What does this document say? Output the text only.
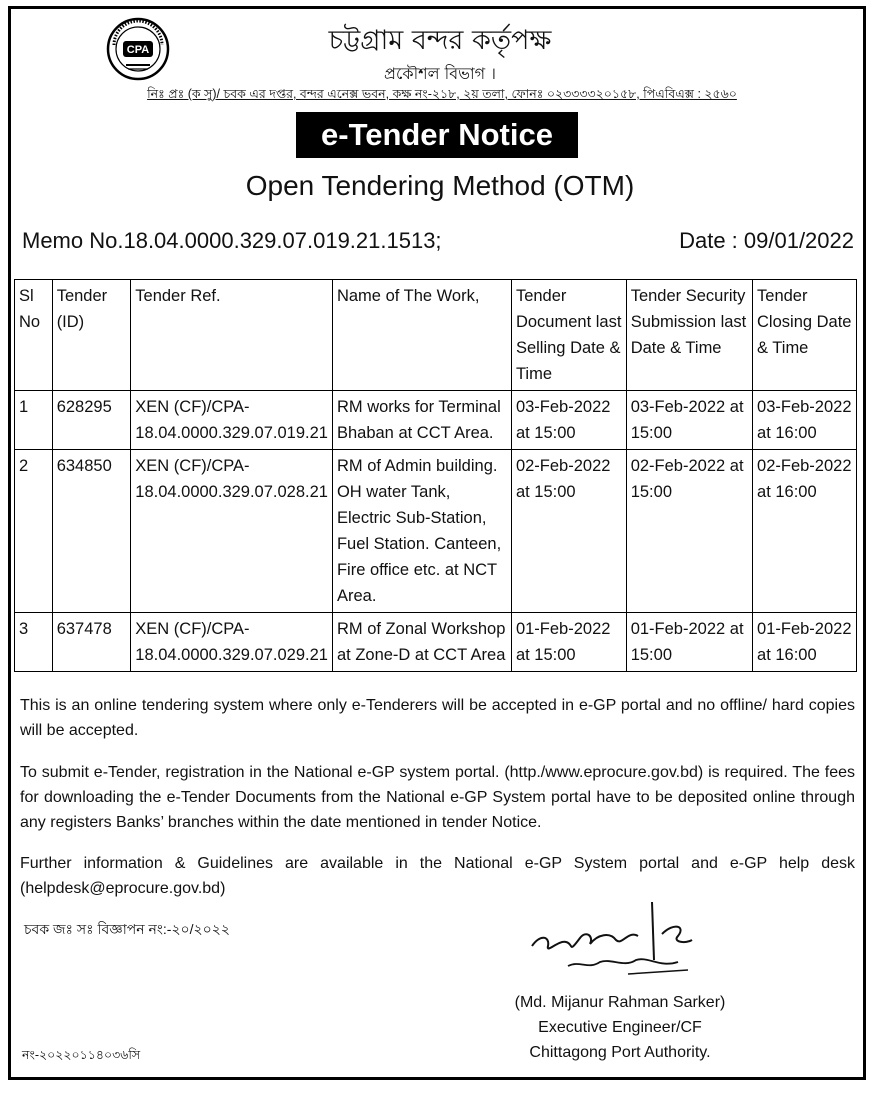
CPA	চট্টগ্রাম বন্দর কর্তৃপক্ষ
প্রকৌশল বিভাগ ।
নিঃ প্রঃ (ক সু)/ চবক এর দপ্তর, বন্দর এনেক্স ভবন, কক্ষ নং-২১৮, ২য় তলা, ফোনঃ ০২৩৩৩৩২০১৫৮, পিএবিএক্স : ২৫৬০
e-Tender Notice
Open Tendering Method (OTM)
Memo No.18.04.0000.329.07.019.21.1513;	Date : 09/01/2022
Sl No	Tender (ID)	Tender Ref.	Name of The Work,	Tender Document last Selling Date & Time	Tender Security Submission last Date & Time	Tender Closing Date & Time
1	628295	XEN (CF)/CPA-18.04.0000.329.07.019.21	RM works for Terminal Bhaban at CCT Area.	03-Feb-2022 at 15:00	03-Feb-2022 at 15:00	03-Feb-2022 at 16:00
2	634850	XEN (CF)/CPA-18.04.0000.329.07.028.21	RM of Admin building. OH water Tank, Electric Sub-Station, Fuel Station. Canteen, Fire office etc. at NCT Area.	02-Feb-2022 at 15:00	02-Feb-2022 at 15:00	02-Feb-2022 at 16:00
3	637478	XEN (CF)/CPA-18.04.0000.329.07.029.21	RM of Zonal Workshop at Zone-D at CCT Area	01-Feb-2022 at 15:00	01-Feb-2022 at 15:00	01-Feb-2022 at 16:00

This is an online tendering system where only e-Tenderers will be accepted in e-GP portal and no offline/ hard copies will be accepted.

To submit e-Tender, registration in the National e-GP system portal. (http./www.eprocure.gov.bd) is required. The fees for downloading the e-Tender Documents from the National e-GP System portal have to be deposited online through any registers Banks’ branches within the date mentioned in tender Notice.

Further information & Guidelines are available in the National e-GP System portal and e-GP help desk (helpdesk@eprocure.gov.bd)

চবক জঃ সঃ বিজ্ঞাপন নং:-২০/২০২২
(Md. Mijanur Rahman Sarker)
Executive Engineer/CF
Chittagong Port Authority.
নং-২০২২০১১৪০৩৬সি
